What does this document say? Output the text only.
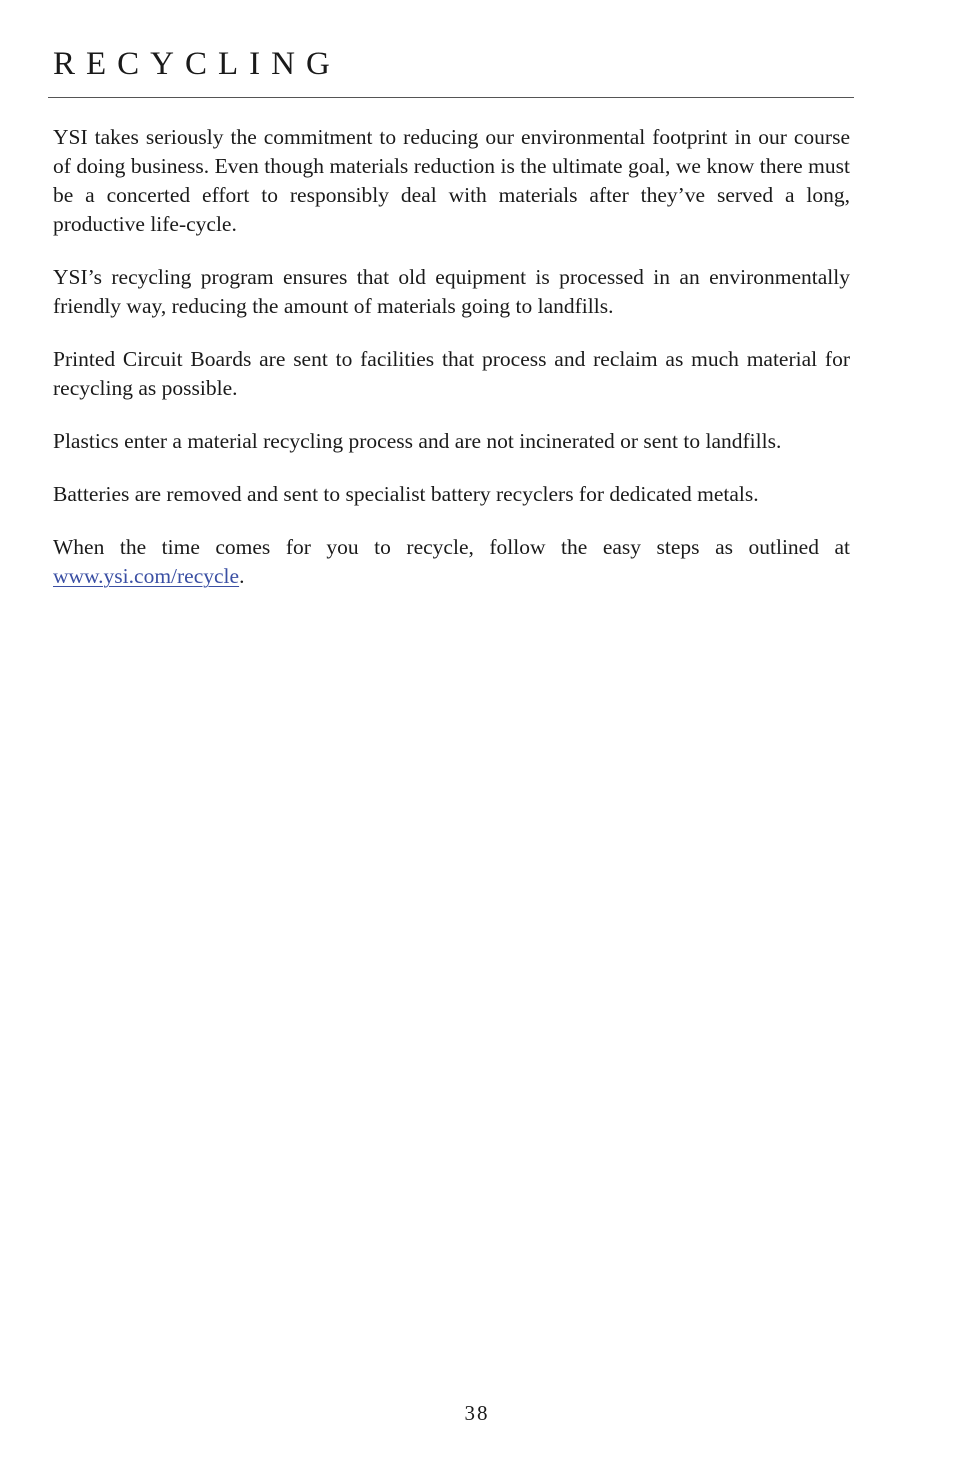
RECYCLING

YSI takes seriously the commitment to reducing our environmental footprint in our course of doing business. Even though materials reduction is the ultimate goal, we know there must be a concerted effort to responsibly deal with materials after they’ve served a long, productive life-cycle.

YSI’s recycling program ensures that old equipment is processed in an environmentally friendly way, reducing the amount of materials going to landfills.

Printed Circuit Boards are sent to facilities that process and reclaim as much material for recycling as possible.

Plastics enter a material recycling process and are not incinerated or sent to landfills.

Batteries are removed and sent to specialist battery recyclers for dedicated metals.

When the time comes for you to recycle, follow the easy steps as outlined at www.ysi.com/recycle.

38
